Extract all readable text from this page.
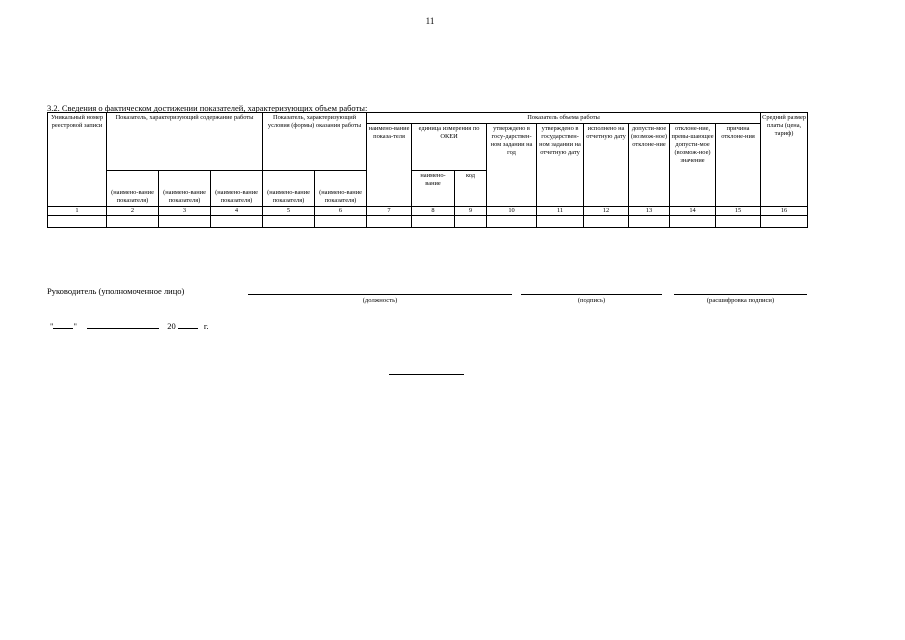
11
3.2. Сведения о фактическом достижении показателей, характеризующих объем работы:
Уникальный номер реестровой записи	Показатель, характеризующий содержание работы			Показатель, характеризующий условия (формы) оказания работы		Показатель объема работы									Средний размер платы (цена, тариф)
						наимено-вание показа-теля	единица измерения по ОКЕИ		утверждено в госу-дарствен-ном задании на год	утверждено в государствен-ном задании на отчетную дату	исполнено на отчетную дату	допусти-мое (возмож-ное) отклоне-ние	отклоне-ние, превы-шающее допусти-мое (возмож-ное) значение	причина отклоне-ния	
	(наимено-вание показателя)	(наимено-вание показателя)	(наимено-вание показателя)	(наимено-вание показателя)	(наимено-вание показателя)		наимено-вание	код							
1	2	3	4	5	6	7	8	9	10	11	12	13	14	15	16

Руководитель (уполномоченное лицо)
(должность)	(подпись)	(расшифровка подписи)
" "	20	г.
